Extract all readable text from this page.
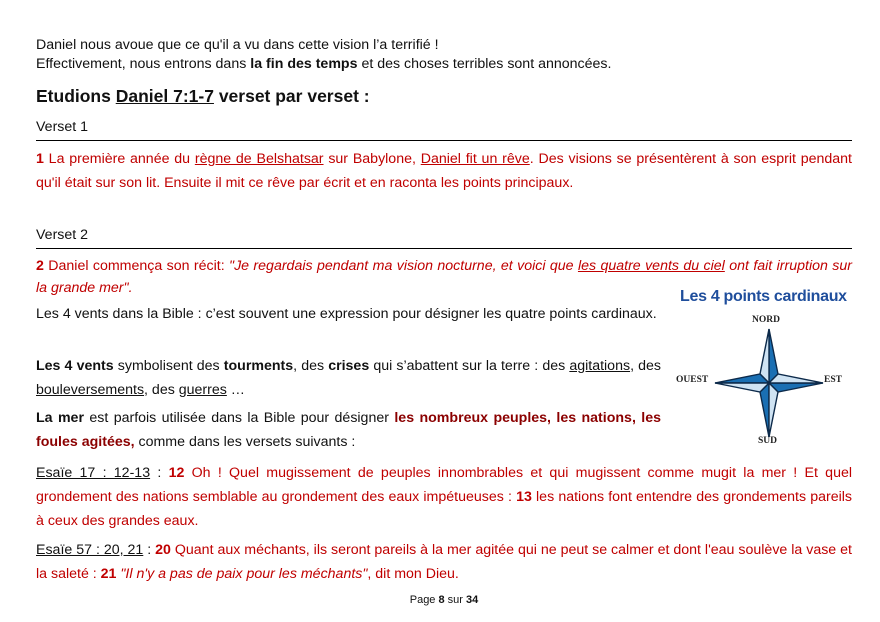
Daniel nous avoue que ce qu'il a vu dans cette vision l’a terrifié !

Effectivement, nous entrons dans la fin des temps et des choses terribles sont annoncées.

Etudions Daniel 7:1-7 verset par verset :
Verset 1

1 La première année du règne de Belshatsar sur Babylone, Daniel fit un rêve. Des visions se présentèrent à son esprit pendant qu'il était sur son lit. Ensuite il mit ce rêve par écrit et en raconta les points principaux.

Verset 2

2 Daniel commença son récit: "Je regardais pendant ma vision nocturne, et voici que les quatre vents du ciel ont fait irruption sur la grande mer".

Les 4 vents dans la Bible : c’est souvent une expression pour désigner les quatre points cardinaux.

Les 4 vents symbolisent des tourments, des crises qui s’abattent sur la terre : des agitations, des bouleversements, des guerres …

La mer est parfois utilisée dans la Bible pour désigner les nombreux peuples, les nations, les foules agitées, comme dans les versets suivants :

Esaïe 17 : 12-13 : 12 Oh ! Quel mugissement de peuples innombrables et qui mugissent comme mugit la mer ! Et quel grondement des nations semblable au grondement des eaux impétueuses : 13 les nations font entendre des grondements pareils à ceux des grandes eaux.

Esaïe 57 : 20, 21 : 20 Quant aux méchants, ils seront pareils à la mer agitée qui ne peut se calmer et dont l'eau soulève la vase et la saleté : 21 "Il n'y a pas de paix pour les méchants", dit mon Dieu.

Page 8 sur 34
Les 4 points cardinaux
NORD
OUEST	EST
SUD
